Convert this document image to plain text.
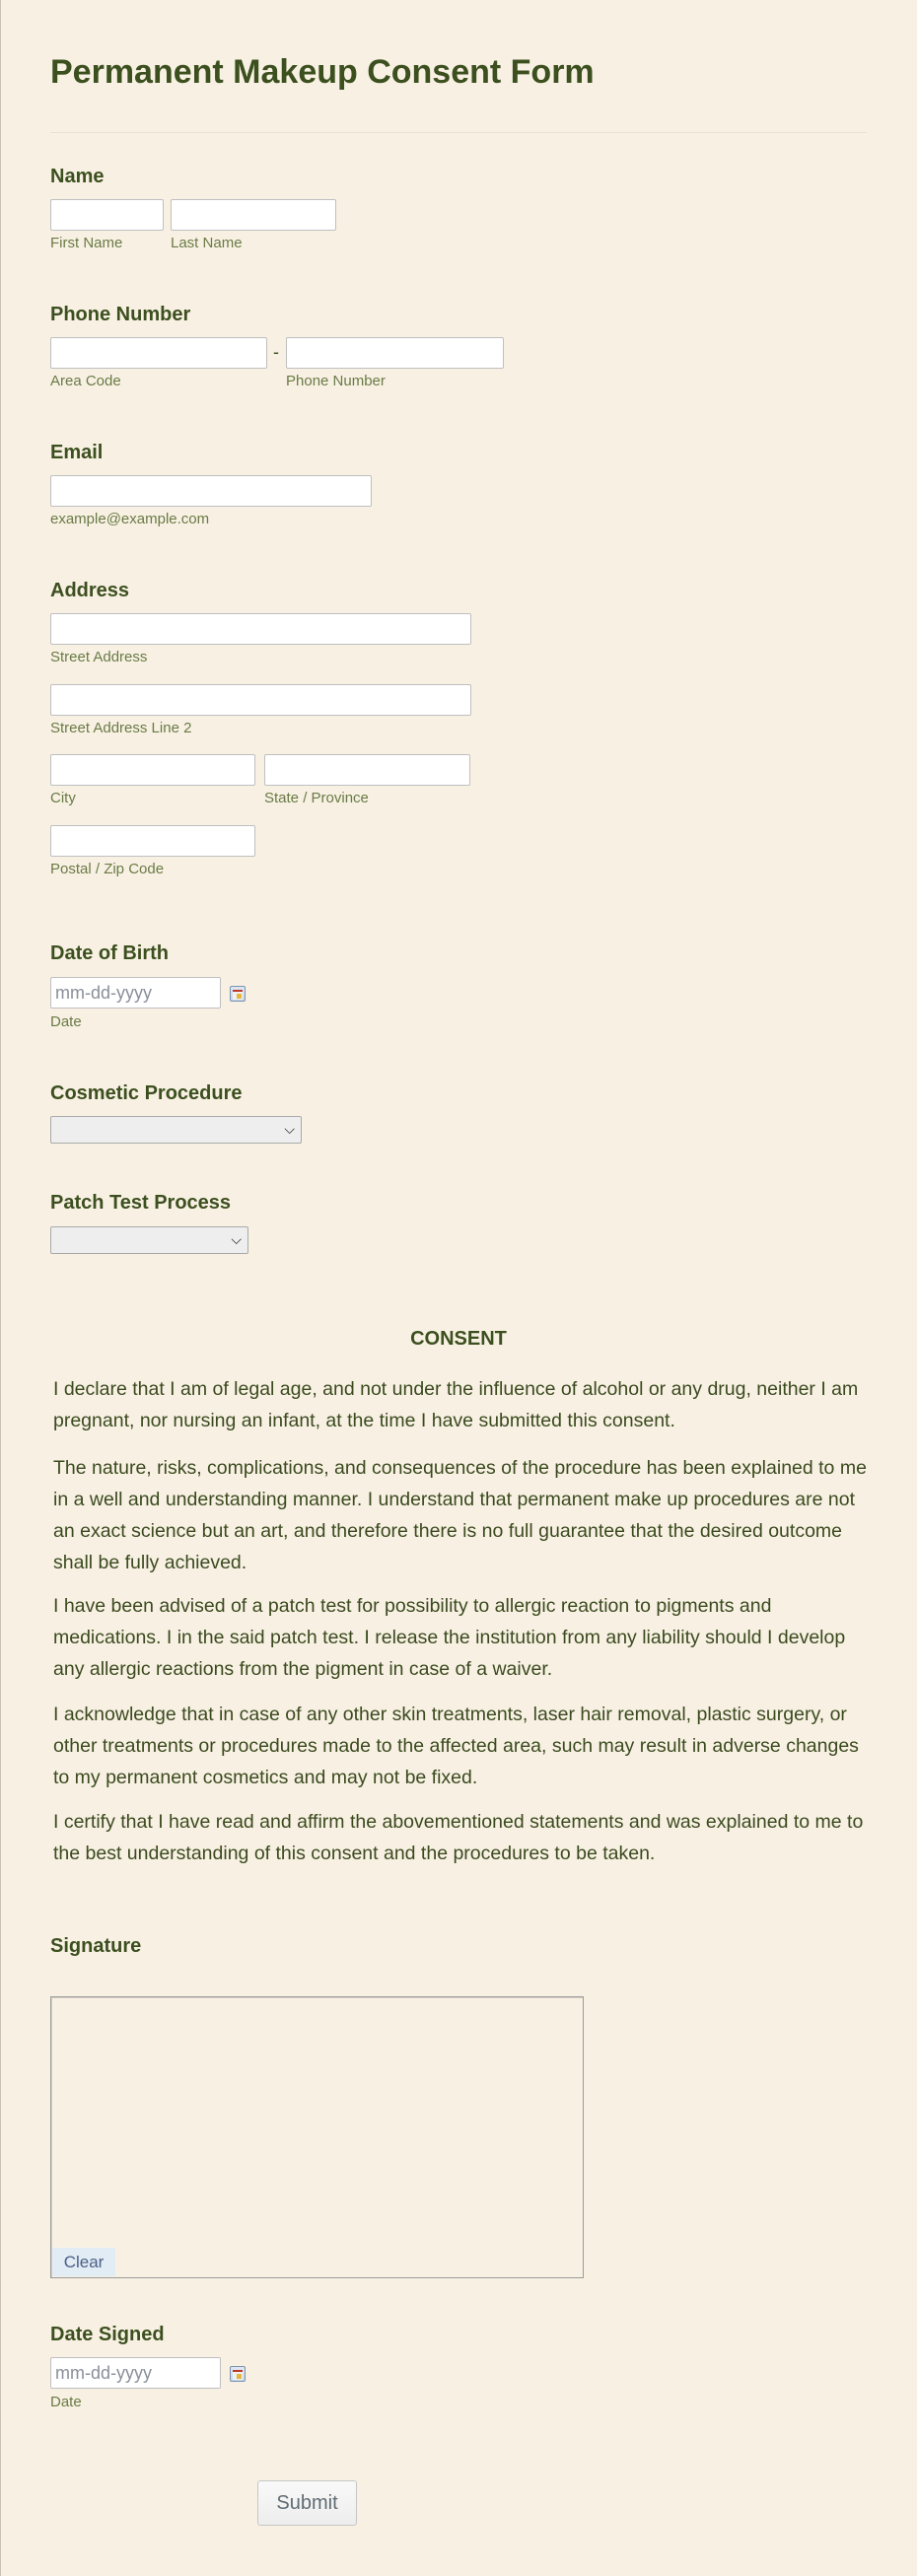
Permanent Makeup Consent Form
Name
First Name	Last Name
Phone Number
-
Area Code	Phone Number
Email
example@example.com
Address
Street Address
Street Address Line 2
City	State / Province
Postal / Zip Code
Date of Birth
mm-dd-yyyy
Date
Cosmetic Procedure
⌵
Patch Test Process
⌵
CONSENT

I declare that I am of legal age, and not under the influence of alcohol or any drug, neither I am pregnant, nor nursing an infant, at the time I have submitted this consent.

The nature, risks, complications, and consequences of the procedure has been explained to me in a well and understanding manner. I understand that permanent make up procedures are not an exact science but an art, and therefore there is no full guarantee that the desired outcome shall be fully achieved.

I have been advised of a patch test for possibility to allergic reaction to pigments and medications. I in the said patch test. I release the institution from any liability should I develop any allergic reactions from the pigment in case of a waiver.

I acknowledge that in case of any other skin treatments, laser hair removal, plastic surgery, or other treatments or procedures made to the affected area, such may result in adverse changes to my permanent cosmetics and may not be fixed.

I certify that I have read and affirm the abovementioned statements and was explained to me to the best understanding of this consent and the procedures to be taken.

Signature
Clear
Date Signed
mm-dd-yyyy
Date
Submit
